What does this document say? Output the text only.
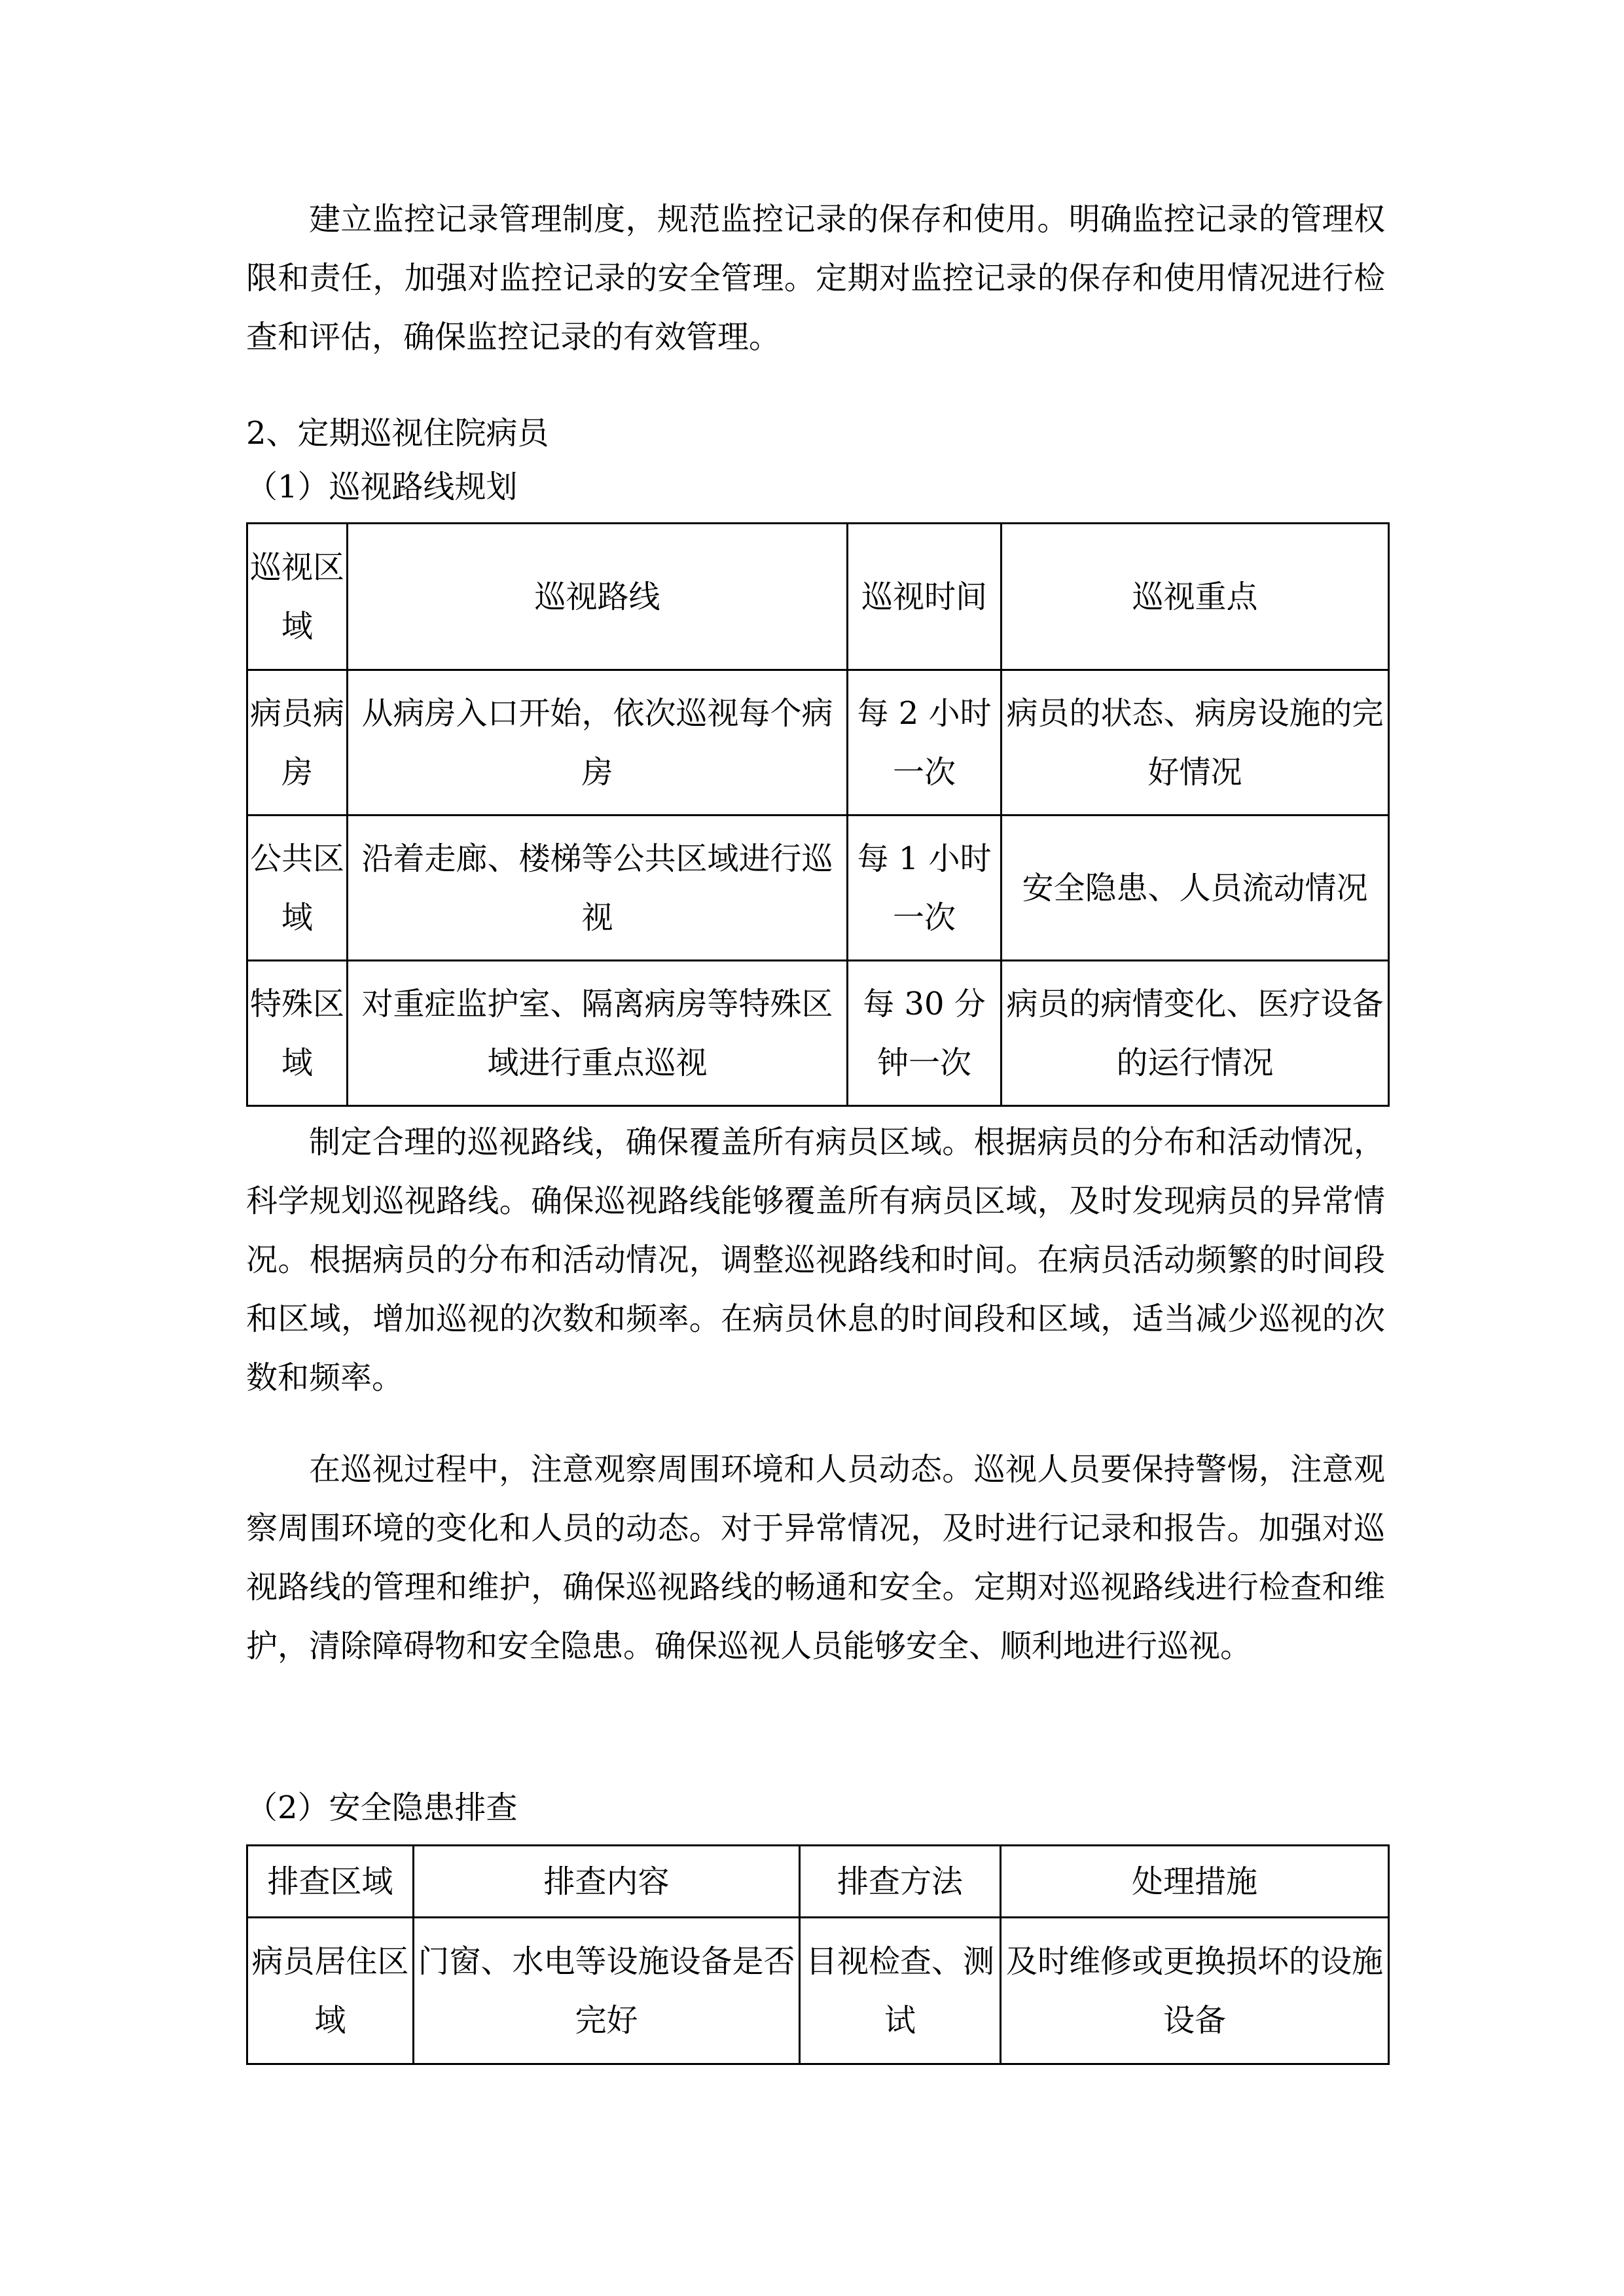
建立监控记录管理制度，规范监控记录的保存和使用。明确监控记录的管理权限和责任，加强对监控记录的安全管理。定期对监控记录的保存和使用情况进行检查和评估，确保监控记录的有效管理。

2、定期巡视住院病员

（1）巡视路线规划

巡视区域	巡视路线	巡视时间	巡视重点
病员病房	从病房入口开始，依次巡视每个病房	每 2 小时一次	病员的状态、病房设施的完好情况
公共区域	沿着走廊、楼梯等公共区域进行巡视	每 1 小时一次	安全隐患、人员流动情况
特殊区域	对重症监护室、隔离病房等特殊区域进行重点巡视	每 30 分钟一次	病员的病情变化、医疗设备的运行情况

制定合理的巡视路线，确保覆盖所有病员区域。根据病员的分布和活动情况，科学规划巡视路线。确保巡视路线能够覆盖所有病员区域，及时发现病员的异常情况。根据病员的分布和活动情况，调整巡视路线和时间。在病员活动频繁的时间段和区域，增加巡视的次数和频率。在病员休息的时间段和区域，适当减少巡视的次数和频率。

在巡视过程中，注意观察周围环境和人员动态。巡视人员要保持警惕，注意观察周围环境的变化和人员的动态。对于异常情况，及时进行记录和报告。加强对巡视路线的管理和维护，确保巡视路线的畅通和安全。定期对巡视路线进行检查和维护，清除障碍物和安全隐患。确保巡视人员能够安全、顺利地进行巡视。

（2）安全隐患排查

排查区域	排查内容	排查方法	处理措施
病员居住区域	门窗、水电等设施设备是否完好	目视检查、测试	及时维修或更换损坏的设施设备
